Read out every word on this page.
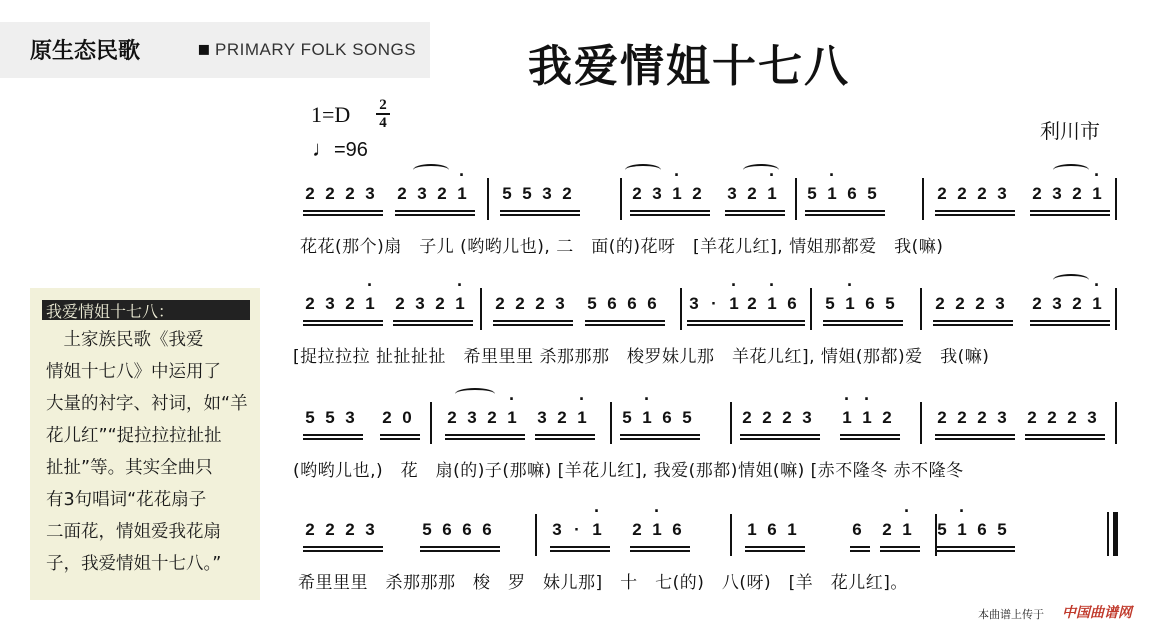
原生态民歌	▪ PRIMARY FOLK SONGS	我爱情姐十七八
1=D 2
4
♩=96
利川市
我爱情姐十七八：
　土家族民歌《我爱
情姐十七八》中运用了
大量的衬字、衬词，如“羊
花儿红”“捉拉拉拉扯扯
扯扯”等。其实全曲只
有3句唱词“花花扇子
二面花，情姐爱我花扇
子，我爱情姐十七八。”
2 2 2 3 2 3 2 · 1 5 5 3 2	2 3 · 1 2 3 2 · 1 5 · 1 6 5	2 2 2 3 2 3 2 · 1
2 3 2 · 1 2 3 2 · 1 2 2 2 3 5 6 6 6 3 · · 1 2 · 1 6 5 · 1 6 5 2 2 2 3 2 3 2 · 1
5 5 3 2 0 2 3 2 · 1 3 2 · 1 5 · 1 6 5	2 2 2 3 · 1 · 1 2	2 2 2 3 2 2 2 3
2 2 2 3	5 6 6 6	3 · · 1 2 · 1 6	1 6 1	6 2 · 1 5 · 1 6 5
花花(那个)扇　子儿 (哟哟儿也), 二　面(的)花呀　[羊花儿红], 情姐那都爱　我(嘛)
[捉拉拉拉 扯扯扯扯　希里里里 杀那那那　梭罗妹儿那　羊花儿红], 情姐(那都)爱　我(嘛)
(哟哟儿也,)　花　扇(的)子(那嘛) [羊花儿红], 我爱(那都)情姐(嘛) [赤不隆冬 赤不隆冬
希里里里　杀那那那　梭　罗　妹儿那]　十　七(的)　八(呀)　[羊　花儿红]。
本曲谱上传于 中国曲谱网
